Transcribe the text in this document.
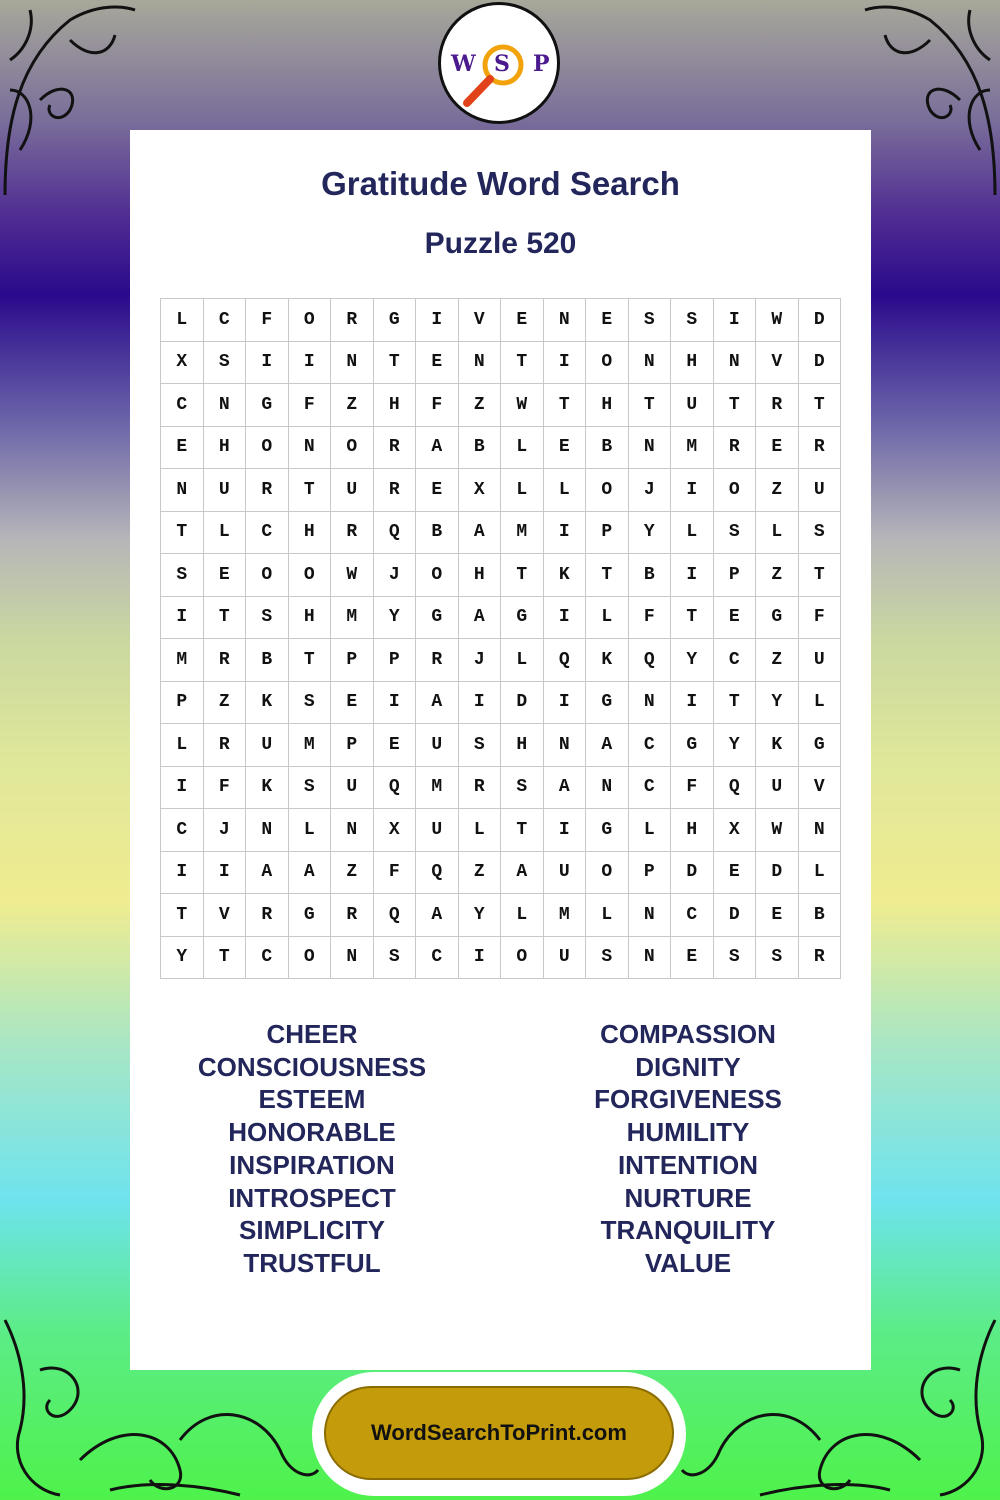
W S P
Gratitude Word Search
Puzzle 520
L	C	F	O	R	G	I	V	E	N	E	S	S	I	W	D
X	S	I	I	N	T	E	N	T	I	O	N	H	N	V	D
C	N	G	F	Z	H	F	Z	W	T	H	T	U	T	R	T
E	H	O	N	O	R	A	B	L	E	B	N	M	R	E	R
N	U	R	T	U	R	E	X	L	L	O	J	I	O	Z	U
T	L	C	H	R	Q	B	A	M	I	P	Y	L	S	L	S
S	E	O	O	W	J	O	H	T	K	T	B	I	P	Z	T
I	T	S	H	M	Y	G	A	G	I	L	F	T	E	G	F
M	R	B	T	P	P	R	J	L	Q	K	Q	Y	C	Z	U
P	Z	K	S	E	I	A	I	D	I	G	N	I	T	Y	L
L	R	U	M	P	E	U	S	H	N	A	C	G	Y	K	G
I	F	K	S	U	Q	M	R	S	A	N	C	F	Q	U	V
C	J	N	L	N	X	U	L	T	I	G	L	H	X	W	N
I	I	A	A	Z	F	Q	Z	A	U	O	P	D	E	D	L
T	V	R	G	R	Q	A	Y	L	M	L	N	C	D	E	B
Y	T	C	O	N	S	C	I	O	U	S	N	E	S	S	R
CHEER
CONSCIOUSNESS
ESTEEM
HONORABLE
INSPIRATION
INTROSPECT
SIMPLICITY
TRUSTFUL
COMPASSION
DIGNITY
FORGIVENESS
HUMILITY
INTENTION
NURTURE
TRANQUILITY
VALUE
WordSearchToPrint.com
